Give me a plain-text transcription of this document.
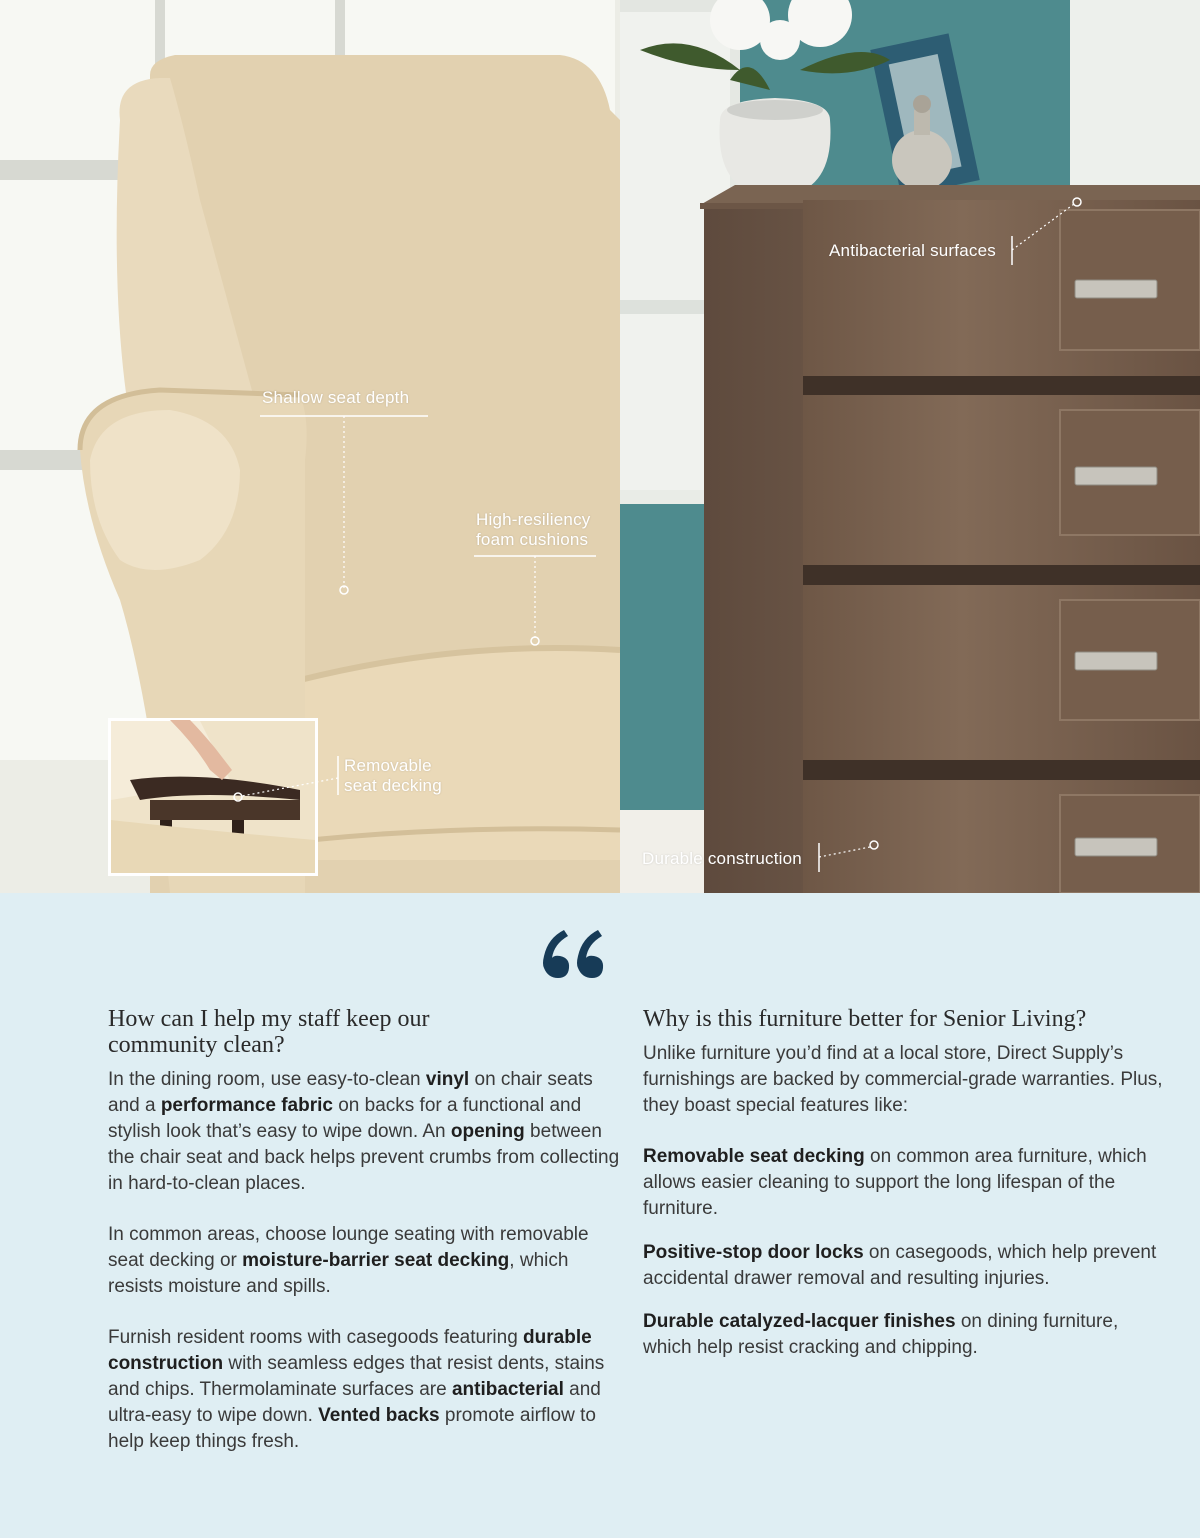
Shallow seat depth
High-resiliency
foam cushions
Removable
seat decking
Antibacterial surfaces
Durable construction
How can I help my staff keep our
community clean?

In the dining room, use easy-to-clean vinyl on chair seats and a performance fabric on backs for a functional and stylish look that’s easy to wipe down. An opening between the chair seat and back helps prevent crumbs from collecting in hard-to-clean places.

In common areas, choose lounge seating with removable seat decking or moisture-barrier seat decking, which resists moisture and spills.

Furnish resident rooms with casegoods featuring durable construction with seamless edges that resist dents, stains and chips. Thermolaminate surfaces are antibacterial and ultra-easy to wipe down. Vented backs promote airflow to help keep things fresh.

Why is this furniture better for Senior Living?

Unlike furniture you’d find at a local store, Direct Supply’s furnishings are backed by commercial-grade warranties. Plus, they boast special features like:

Removable seat decking on common area furniture, which allows easier cleaning to support the long lifespan of the furniture.

Positive-stop door locks on casegoods, which help prevent accidental drawer removal and resulting injuries.

Durable catalyzed-lacquer finishes on dining furniture, which help resist cracking and chipping.
